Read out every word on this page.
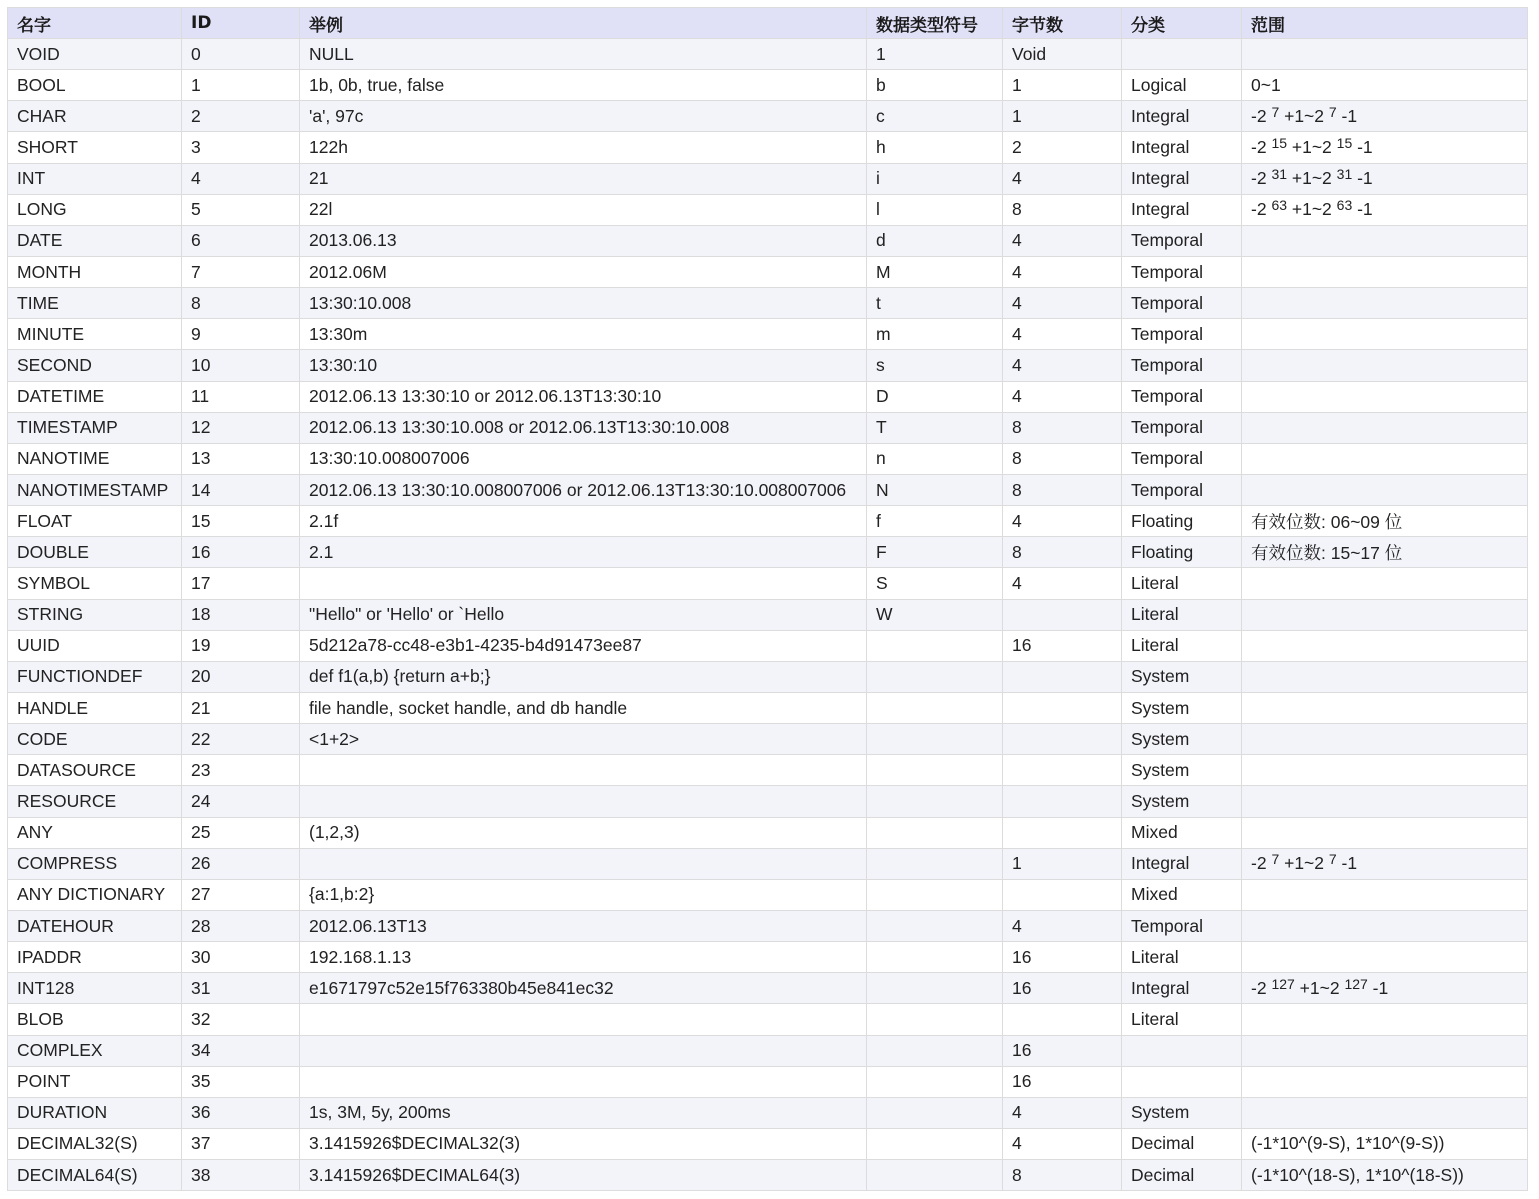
名字	ID	举例	数据类型符号	字节数	分类	范围
VOID	0	NULL	1	Void		
BOOL	1	1b, 0b, true, false	b	1	Logical	0~1
CHAR	2	'a', 97c	c	1	Integral	-2 $^7$ +1~2 $^7$ -1
SHORT	3	122h	h	2	Integral	-2 $^{15}$ +1~2 $^{15}$ -1
INT	4	21	i	4	Integral	-2 $^{31}$ +1~2 $^{31}$ -1
LONG	5	22l	l	8	Integral	-2 $^{63}$ +1~2 $^{63}$ -1
DATE	6	2013.06.13	d	4	Temporal	
MONTH	7	2012.06M	M	4	Temporal	
TIME	8	13:30:10.008	t	4	Temporal	
MINUTE	9	13:30m	m	4	Temporal	
SECOND	10	13:30:10	s	4	Temporal	
DATETIME	11	2012.06.13 13:30:10 or 2012.06.13T13:30:10	D	4	Temporal	
TIMESTAMP	12	2012.06.13 13:30:10.008 or 2012.06.13T13:30:10.008	T	8	Temporal	
NANOTIME	13	13:30:10.008007006	n	8	Temporal	
NANOTIMESTAMP	14	2012.06.13 13:30:10.008007006 or 2012.06.13T13:30:10.008007006	N	8	Temporal	
FLOAT	15	2.1f	f	4	Floating	有效位数: 06~09 位
DOUBLE	16	2.1	F	8	Floating	有效位数: 15~17 位
SYMBOL	17		S	4	Literal	
STRING	18	"Hello" or 'Hello' or `Hello	W		Literal	
UUID	19	5d212a78-cc48-e3b1-4235-b4d91473ee87		16	Literal	
FUNCTIONDEF	20	def f1(a,b) {return a+b;}			System	
HANDLE	21	file handle, socket handle, and db handle			System	
CODE	22	<1+2>			System	
DATASOURCE	23				System	
RESOURCE	24				System	
ANY	25	(1,2,3)			Mixed	
COMPRESS	26			1	Integral	-2 $^7$ +1~2 $^7$ -1
ANY DICTIONARY	27	{a:1,b:2}			Mixed	
DATEHOUR	28	2012.06.13T13		4	Temporal	
IPADDR	30	192.168.1.13		16	Literal	
INT128	31	e1671797c52e15f763380b45e841ec32		16	Integral	-2 $^{127}$ +1~2 $^{127}$ -1
BLOB	32				Literal	
COMPLEX	34			16		
POINT	35			16		
DURATION	36	1s, 3M, 5y, 200ms		4	System	
DECIMAL32(S)	37	3.1415926$DECIMAL32(3)		4	Decimal	(-1*10^(9-S), 1*10^(9-S))
DECIMAL64(S)	38	3.1415926$DECIMAL64(3)		8	Decimal	(-1*10^(18-S), 1*10^(18-S))
